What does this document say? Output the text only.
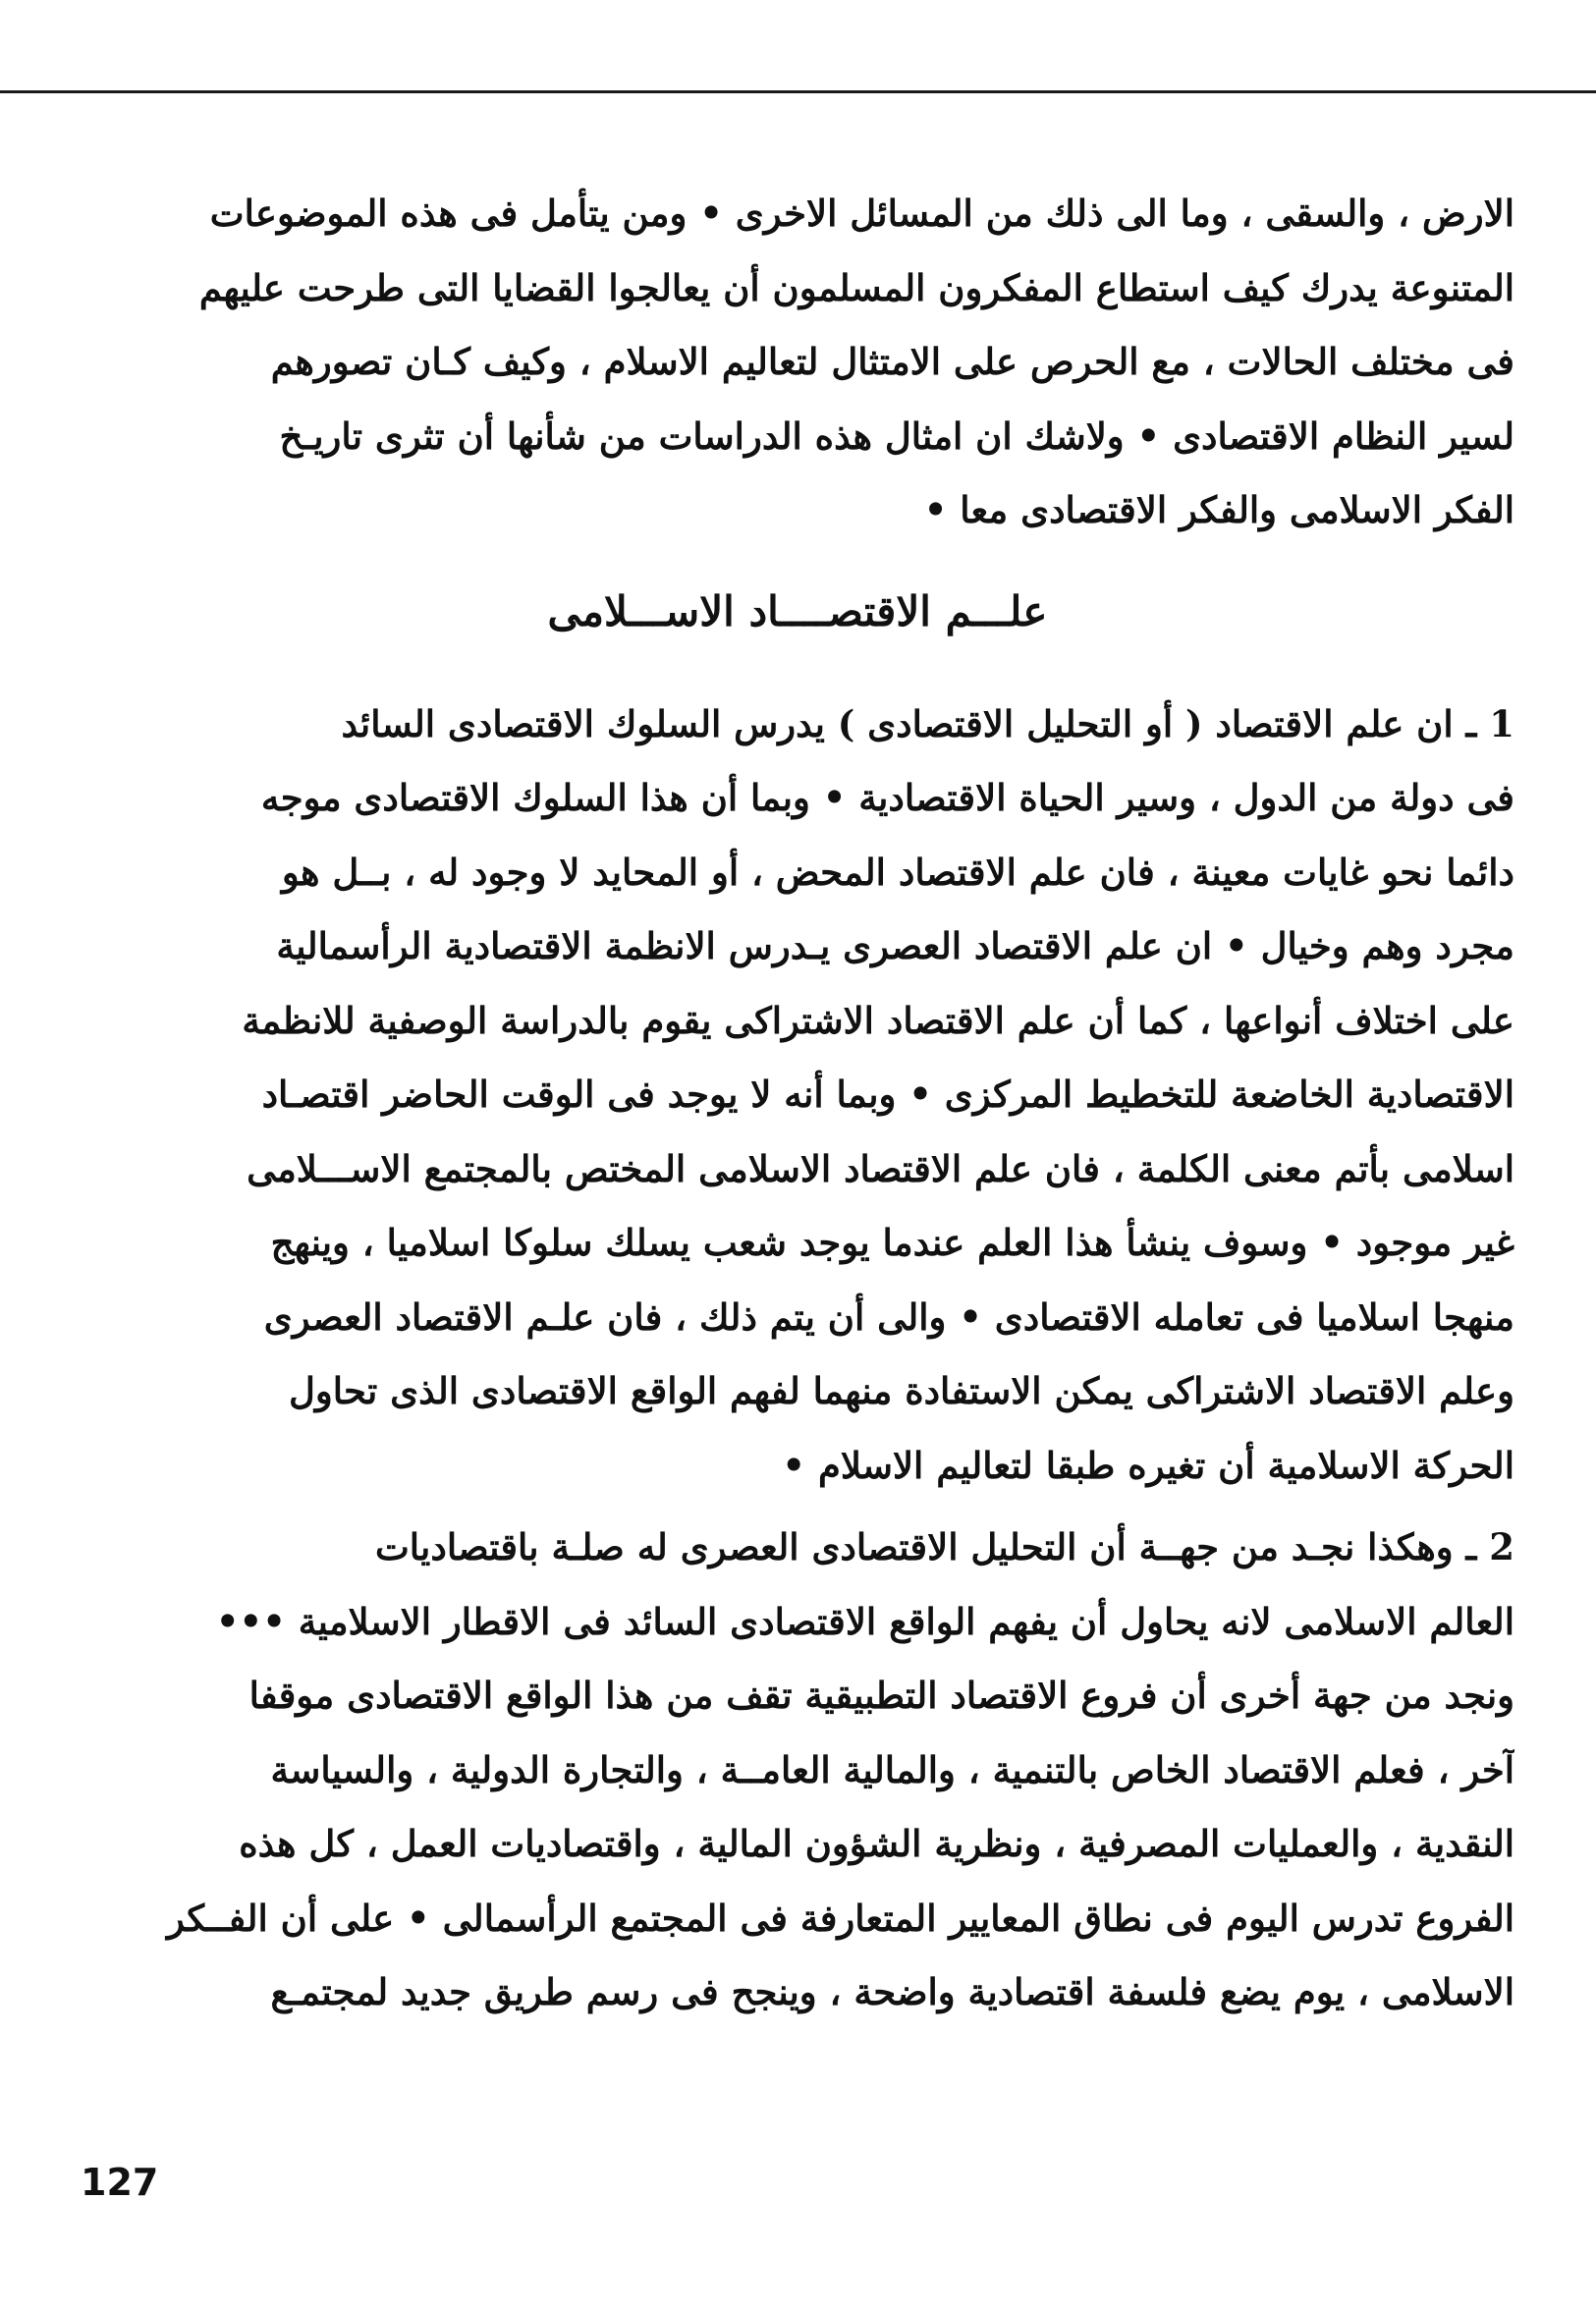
الارض ، والسقى ، وما الى ذلك من المسائل الاخرى • ومن يتأمل فى هذه الموضوعات
المتنوعة يدرك كيف استطاع المفكرون المسلمون أن يعالجوا القضايا التى طرحت عليهم
فى مختلف الحالات ، مع الحرص على الامتثال لتعاليم الاسلام ، وكيف كـان تصورهم
لسير النظام الاقتصادى • ولاشك ان امثال هذه الدراسات من شأنها أن تثرى تاريـخ
الفكر الاسلامى والفكر الاقتصادى معا •
علـــم الاقتصــــاد الاســـلامى
1 ـ ان علم الاقتصاد ( أو التحليل الاقتصادى ) يدرس السلوك الاقتصادى السائد
فى دولة من الدول ، وسير الحياة الاقتصادية • وبما أن هذا السلوك الاقتصادى موجه
دائما نحو غايات معينة ، فان علم الاقتصاد المحض ، أو المحايد لا وجود له ، بــل هو
مجرد وهم وخيال • ان علم الاقتصاد العصرى يـدرس الانظمة الاقتصادية الرأسمالية
على اختلاف أنواعها ، كما أن علم الاقتصاد الاشتراكى يقوم بالدراسة الوصفية للانظمة
الاقتصادية الخاضعة للتخطيط المركزى • وبما أنه لا يوجد فى الوقت الحاضر اقتصـاد
اسلامى بأتم معنى الكلمة ، فان علم الاقتصاد الاسلامى المختص بالمجتمع الاســـلامى
غير موجود • وسوف ينشأ هذا العلم عندما يوجد شعب يسلك سلوكا اسلاميا ، وينهج
منهجا اسلاميا فى تعامله الاقتصادى • والى أن يتم ذلك ، فان علـم الاقتصاد العصرى
وعلم الاقتصاد الاشتراكى يمكن الاستفادة منهما لفهم الواقع الاقتصادى الذى تحاول
الحركة الاسلامية أن تغيره طبقا لتعاليم الاسلام •
2 ـ وهكذا نجـد من جهــة أن التحليل الاقتصادى العصرى له صلـة باقتصاديات
العالم الاسلامى لانه يحاول أن يفهم الواقع الاقتصادى السائد فى الاقطار الاسلامية •••
ونجد من جهة أخرى أن فروع الاقتصاد التطبيقية تقف من هذا الواقع الاقتصادى موقفا
آخر ، فعلم الاقتصاد الخاص بالتنمية ، والمالية العامــة ، والتجارة الدولية ، والسياسة
النقدية ، والعمليات المصرفية ، ونظرية الشؤون المالية ، واقتصاديات العمل ، كل هذه
الفروع تدرس اليوم فى نطاق المعايير المتعارفة فى المجتمع الرأسمالى • على أن الفــكر
الاسلامى ، يوم يضع فلسفة اقتصادية واضحة ، وينجح فى رسم طريق جديد لمجتمـع
127
